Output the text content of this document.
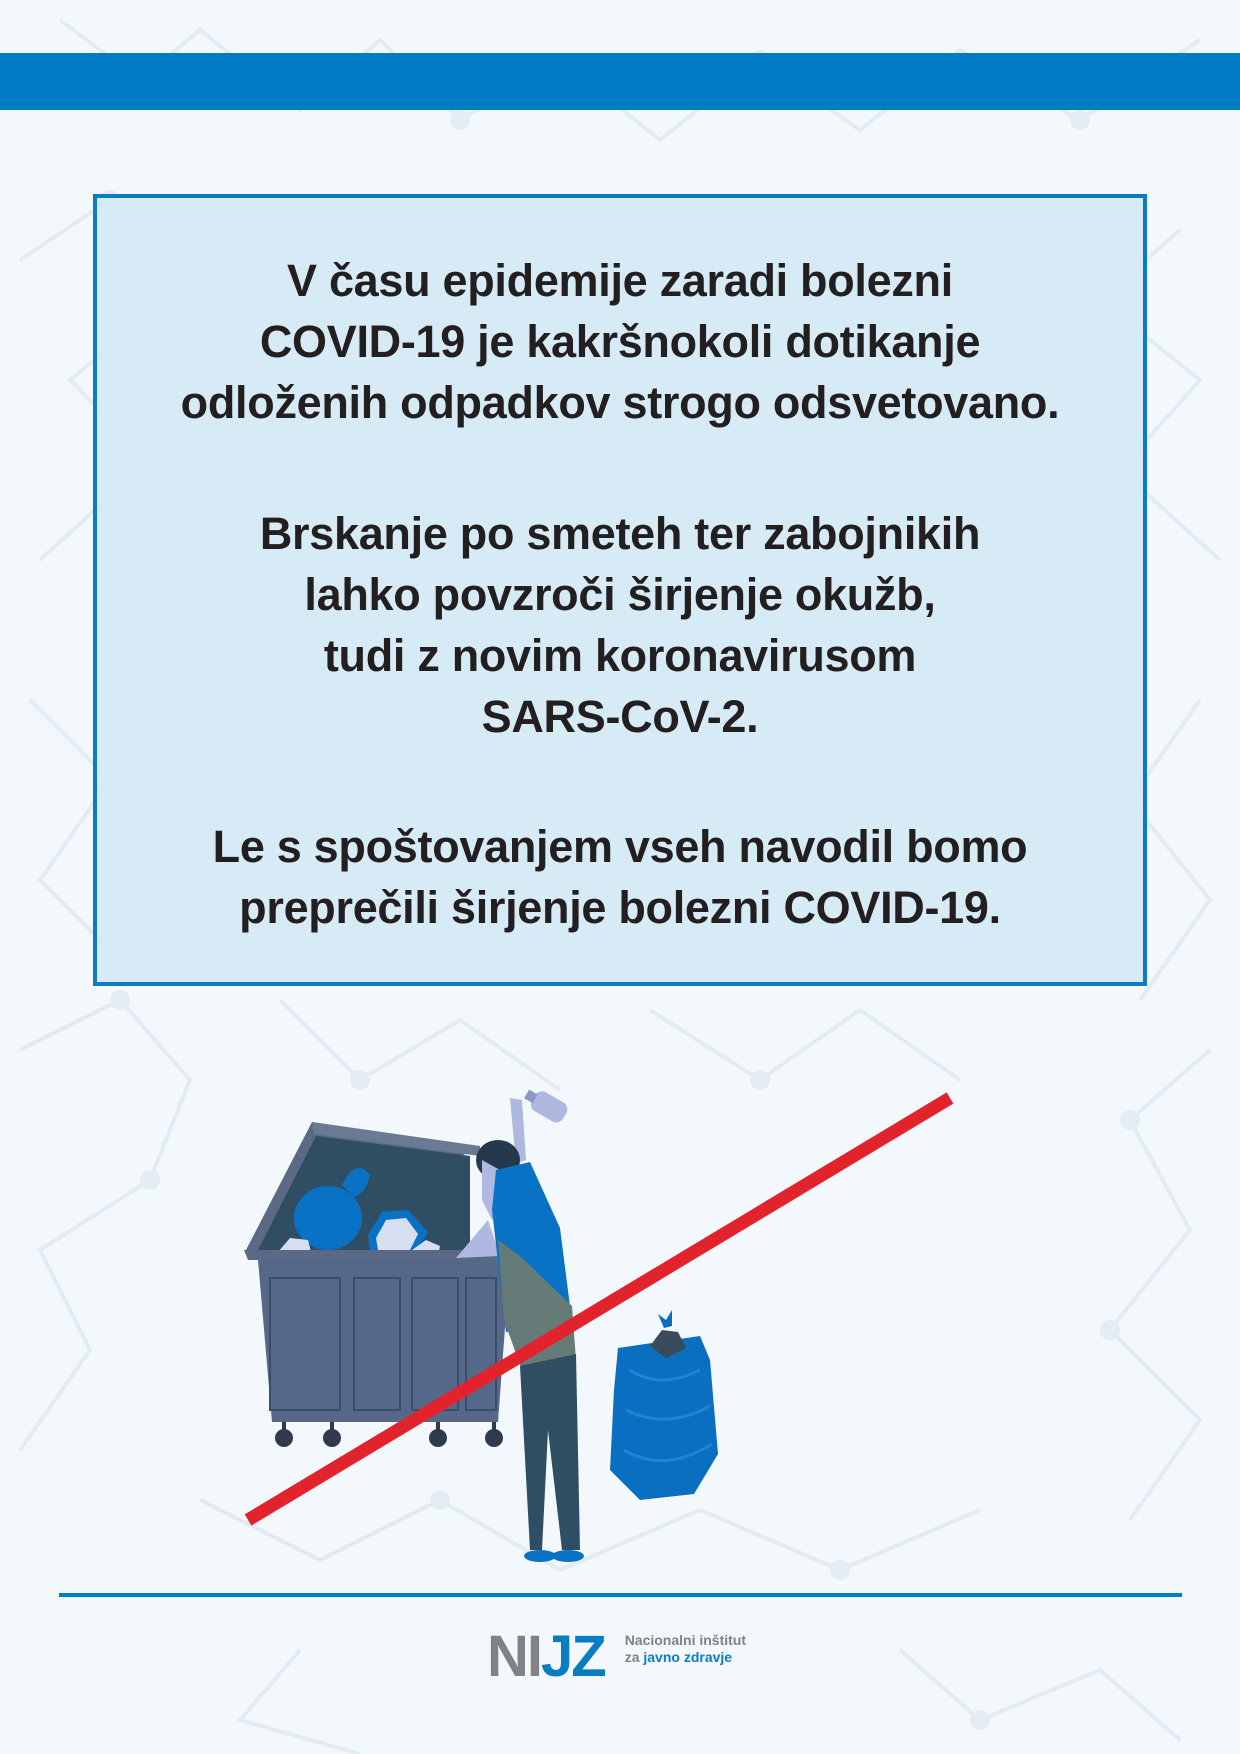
V času epidemije zaradi bolezni
COVID-19 je kakršnokoli dotikanje
odloženih odpadkov strogo odsvetovano.
Brskanje po smeteh ter zabojnikih
lahko povzroči širjenje okužb,
tudi z novim koronavirusom
SARS-CoV-2.
Le s spoštovanjem vseh navodil bomo
preprečili širjenje bolezni COVID-19.
NIJZ Nacionalni inštitut
za javno zdravje
